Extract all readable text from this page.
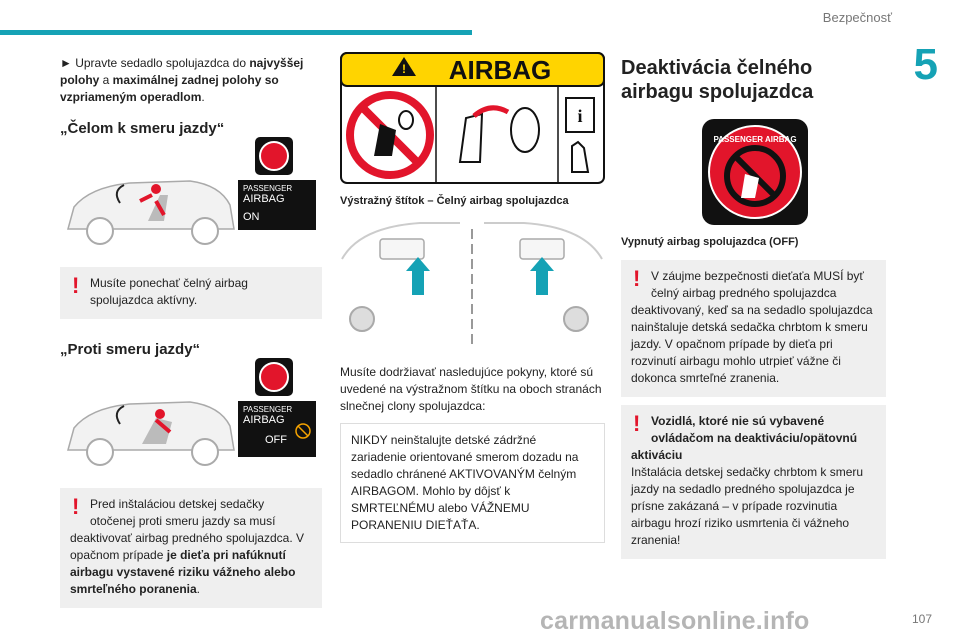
Bezpečnosť
5

► Upravte sedadlo spolujazdca do najvyššej polohy a maximálnej zadnej polohy so vzpriameným operadlom.

„Čelom k smeru jazdy“
PASSENGER
AIRBAG
ON
! Musíte ponechať čelný airbag spolujazdca aktívny.
„Proti smeru jazdy“
PASSENGER
AIRBAG
OFF
! Pred inštaláciou detskej sedačky otočenej proti smeru jazdy sa musí
deaktivovať airbag predného spolujazdca. V opačnom prípade je dieťa pri nafúknutí airbagu vystavené riziku vážneho alebo smrteľného poranenia.
! AIRBAG
i
Výstražný štítok – Čelný airbag spolujazdca

Musíte dodržiavať nasledujúce pokyny, ktoré sú uvedené na výstražnom štítku na oboch stranách slnečnej clony spolujazdca:

NIKDY neinštalujte detské zádržné zariadenie orientované smerom dozadu na sedadlo chránené AKTIVOVANÝM čelným AIRBAGOM. Mohlo by dôjsť k SMRTEĽNÉMU alebo VÁŽNEMU PORANENIU DIEŤAŤA.
Deaktivácia čelného airbagu spolujazdca
PASSENGER AIRBAG
Vypnutý airbag spolujazdca (OFF)
! V záujme bezpečnosti dieťaťa MUSÍ byť čelný airbag predného spolujazdca
deaktivovaný, keď sa na sedadlo spolujazdca nainštaluje detská sedačka chrbtom k smeru jazdy. V opačnom prípade by dieťa pri rozvinutí airbagu mohlo utrpieť vážne či dokonca smrteľné zranenia.
! Vozidlá, ktoré nie sú vybavené ovládačom na deaktiváciu/opätovnú
aktiváciu
Inštalácia detskej sedačky chrbtom k smeru jazdy na sedadlo predného spolujazdca je prísne zakázaná – v prípade rozvinutia airbagu hrozí riziko usmrtenia či vážneho zranenia!
107
carmanualsonline.info
